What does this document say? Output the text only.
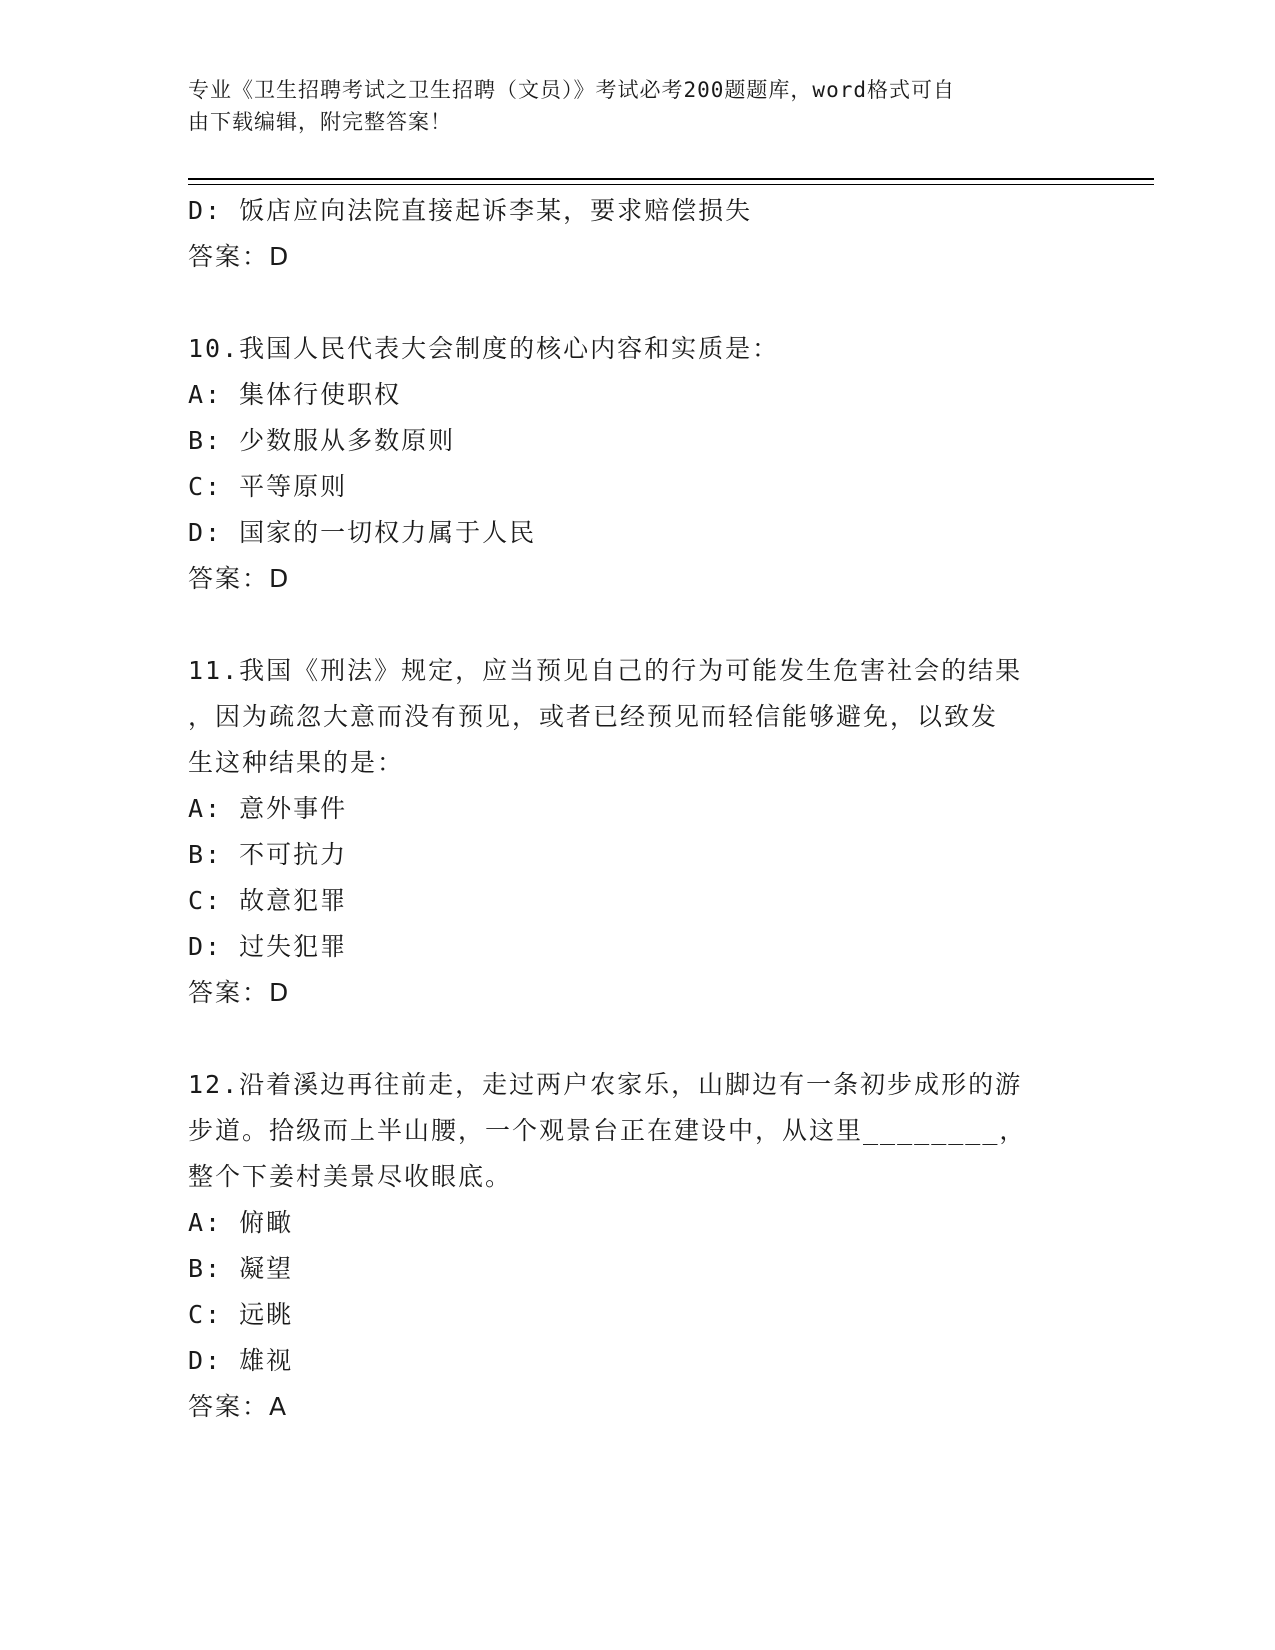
专业《卫生招聘考试之卫生招聘（文员）》考试必考200题题库，word格式可自
由下载编辑，附完整答案！
D: 饭店应向法院直接起诉李某，要求赔偿损失
答案：D
10.我国人民代表大会制度的核心内容和实质是：
A: 集体行使职权
B: 少数服从多数原则
C: 平等原则
D: 国家的一切权力属于人民
答案：D
11.我国《刑法》规定，应当预见自己的行为可能发生危害社会的结果
，因为疏忽大意而没有预见，或者已经预见而轻信能够避免，以致发
生这种结果的是：
A: 意外事件
B: 不可抗力
C: 故意犯罪
D: 过失犯罪
答案：D
12.沿着溪边再往前走，走过两户农家乐，山脚边有一条初步成形的游
步道。拾级而上半山腰，一个观景台正在建设中，从这里________，
整个下姜村美景尽收眼底。
A: 俯瞰
B: 凝望
C: 远眺
D: 雄视
答案：A
